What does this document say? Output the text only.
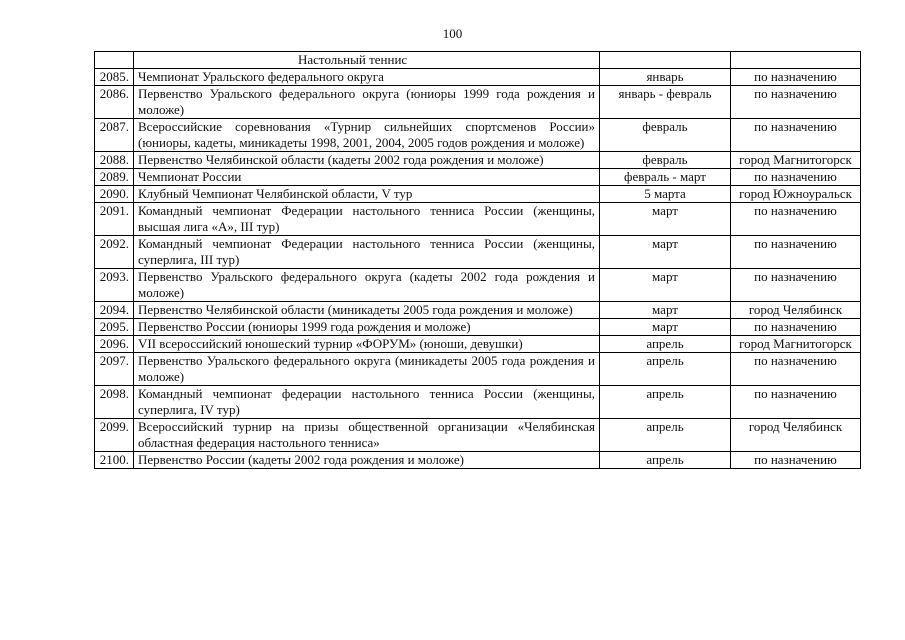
100
	Настольный теннис		
2085.	Чемпионат Уральского федерального округа	январь	по назначению
2086.	Первенство Уральского федерального округа (юниоры 1999 года рождения и моложе)	январь - февраль	по назначению
2087.	Всероссийские соревнования «Турнир сильнейших спортсменов России» (юниоры, кадеты, миникадеты 1998, 2001, 2004, 2005 годов рождения и моложе)	февраль	по назначению
2088.	Первенство Челябинской области (кадеты 2002 года рождения и моложе)	февраль	город Магнитогорск
2089.	Чемпионат России	февраль - март	по назначению
2090.	Клубный Чемпионат Челябинской области, V тур	5 марта	город Южноуральск
2091.	Командный чемпионат Федерации настольного тенниса России (женщины, высшая лига «А», III тур)	март	по назначению
2092.	Командный чемпионат Федерации настольного тенниса России (женщины, суперлига, III тур)	март	по назначению
2093.	Первенство Уральского федерального округа (кадеты 2002 года рождения и моложе)	март	по назначению
2094.	Первенство Челябинской области (миникадеты 2005 года рождения и моложе)	март	город Челябинск
2095.	Первенство России (юниоры 1999 года рождения и моложе)	март	по назначению
2096.	VII всероссийский юношеский турнир «ФОРУМ» (юноши, девушки)	апрель	город Магнитогорск
2097.	Первенство Уральского федерального округа (миникадеты 2005 года рождения и моложе)	апрель	по назначению
2098.	Командный чемпионат федерации настольного тенниса России (женщины, суперлига, IV тур)	апрель	по назначению
2099.	Всероссийский турнир на призы общественной организации «Челябинская областная федерация настольного тенниса»	апрель	город Челябинск
2100.	Первенство России (кадеты 2002 года рождения и моложе)	апрель	по назначению
